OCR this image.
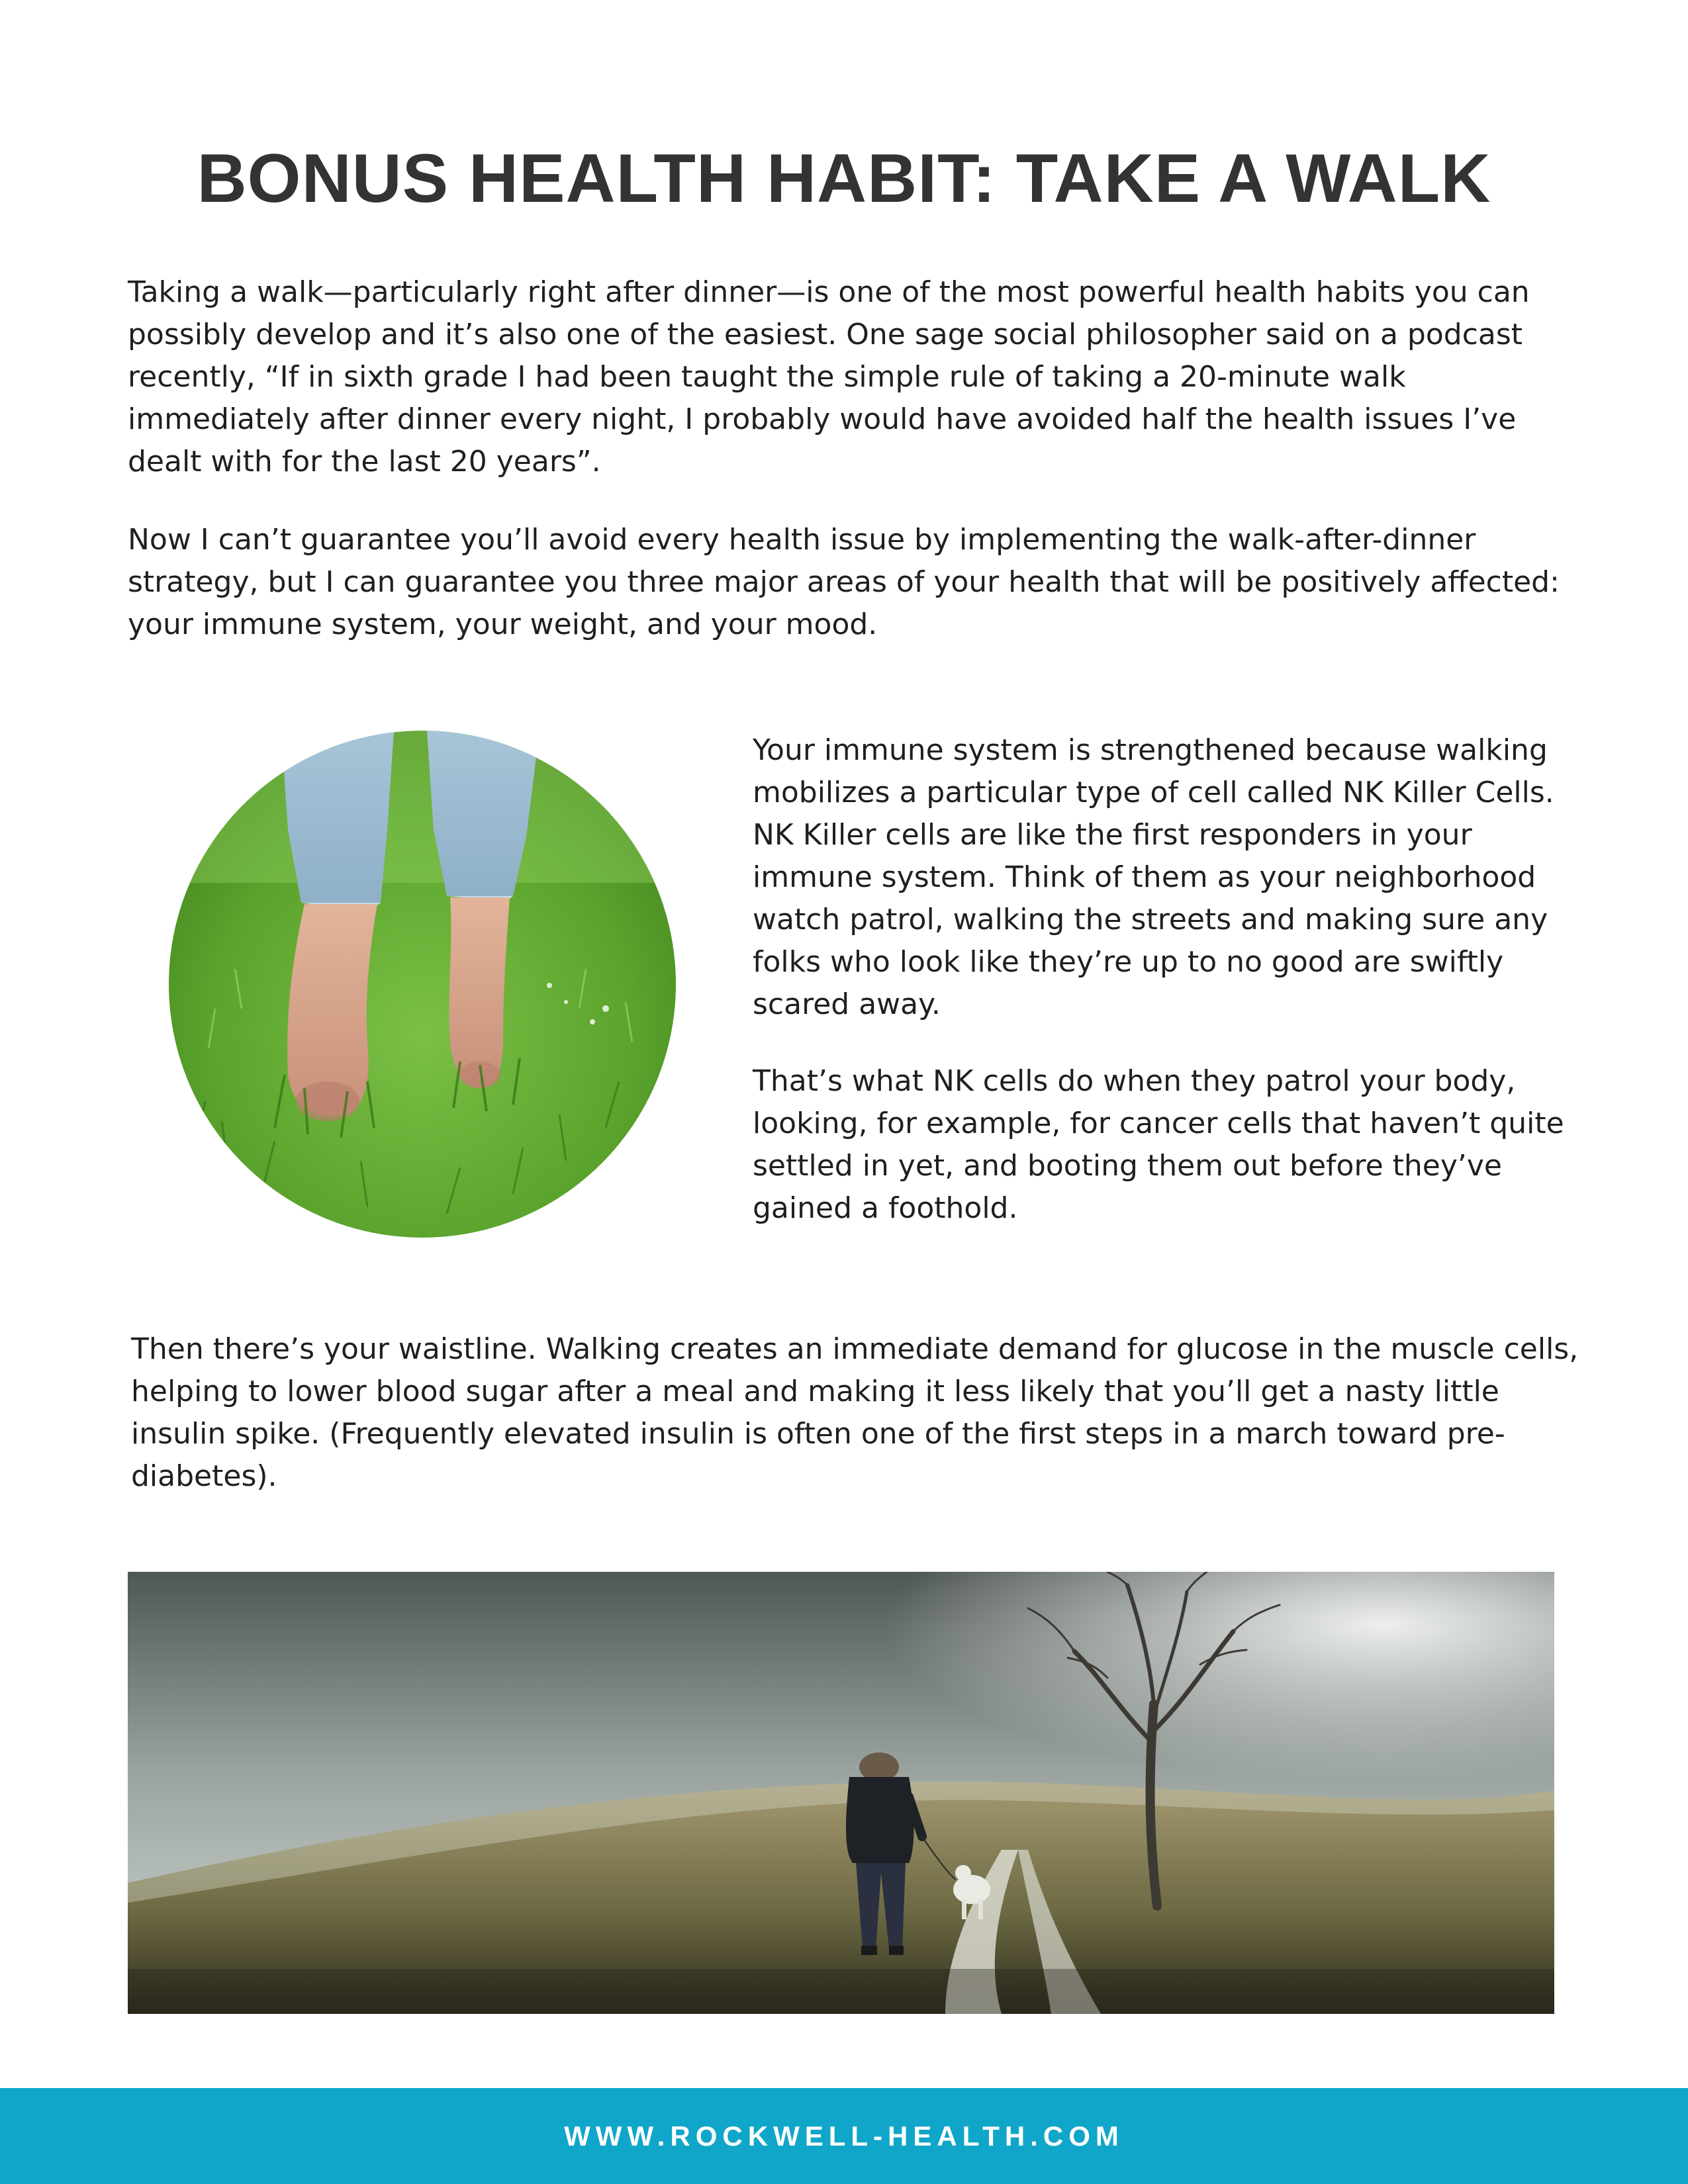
BONUS HEALTH HABIT: TAKE A WALK

Taking a walk—particularly right after dinner—is one of the most powerful health habits you can possibly develop and it’s also one of the easiest. One sage social philosopher said on a podcast recently, “If in sixth grade I had been taught the simple rule of taking a 20-minute walk immediately after dinner every night, I probably would have avoided half the health issues I’ve dealt with for the last 20 years”.

Now I can’t guarantee you’ll avoid every health issue by implementing the walk-after-dinner strategy, but I can guarantee you three major areas of your health that will be positively affected: your immune system, your weight, and your mood.

Your immune system is strengthened because walking mobilizes a particular type of cell called NK Killer Cells. NK Killer cells are like the first responders in your immune system. Think of them as your neighborhood watch patrol, walking the streets and making sure any folks who look like they’re up to no good are swiftly scared away.

That’s what NK cells do when they patrol your body, looking, for example, for cancer cells that haven’t quite settled in yet, and booting them out before they’ve gained a foothold.

Then there’s your waistline. Walking creates an immediate demand for glucose in the muscle cells, helping to lower blood sugar after a meal and making it less likely that you’ll get a nasty little insulin spike. (Frequently elevated insulin is often one of the first steps in a march toward pre-diabetes).

WWW.ROCKWELL-HEALTH.COM
